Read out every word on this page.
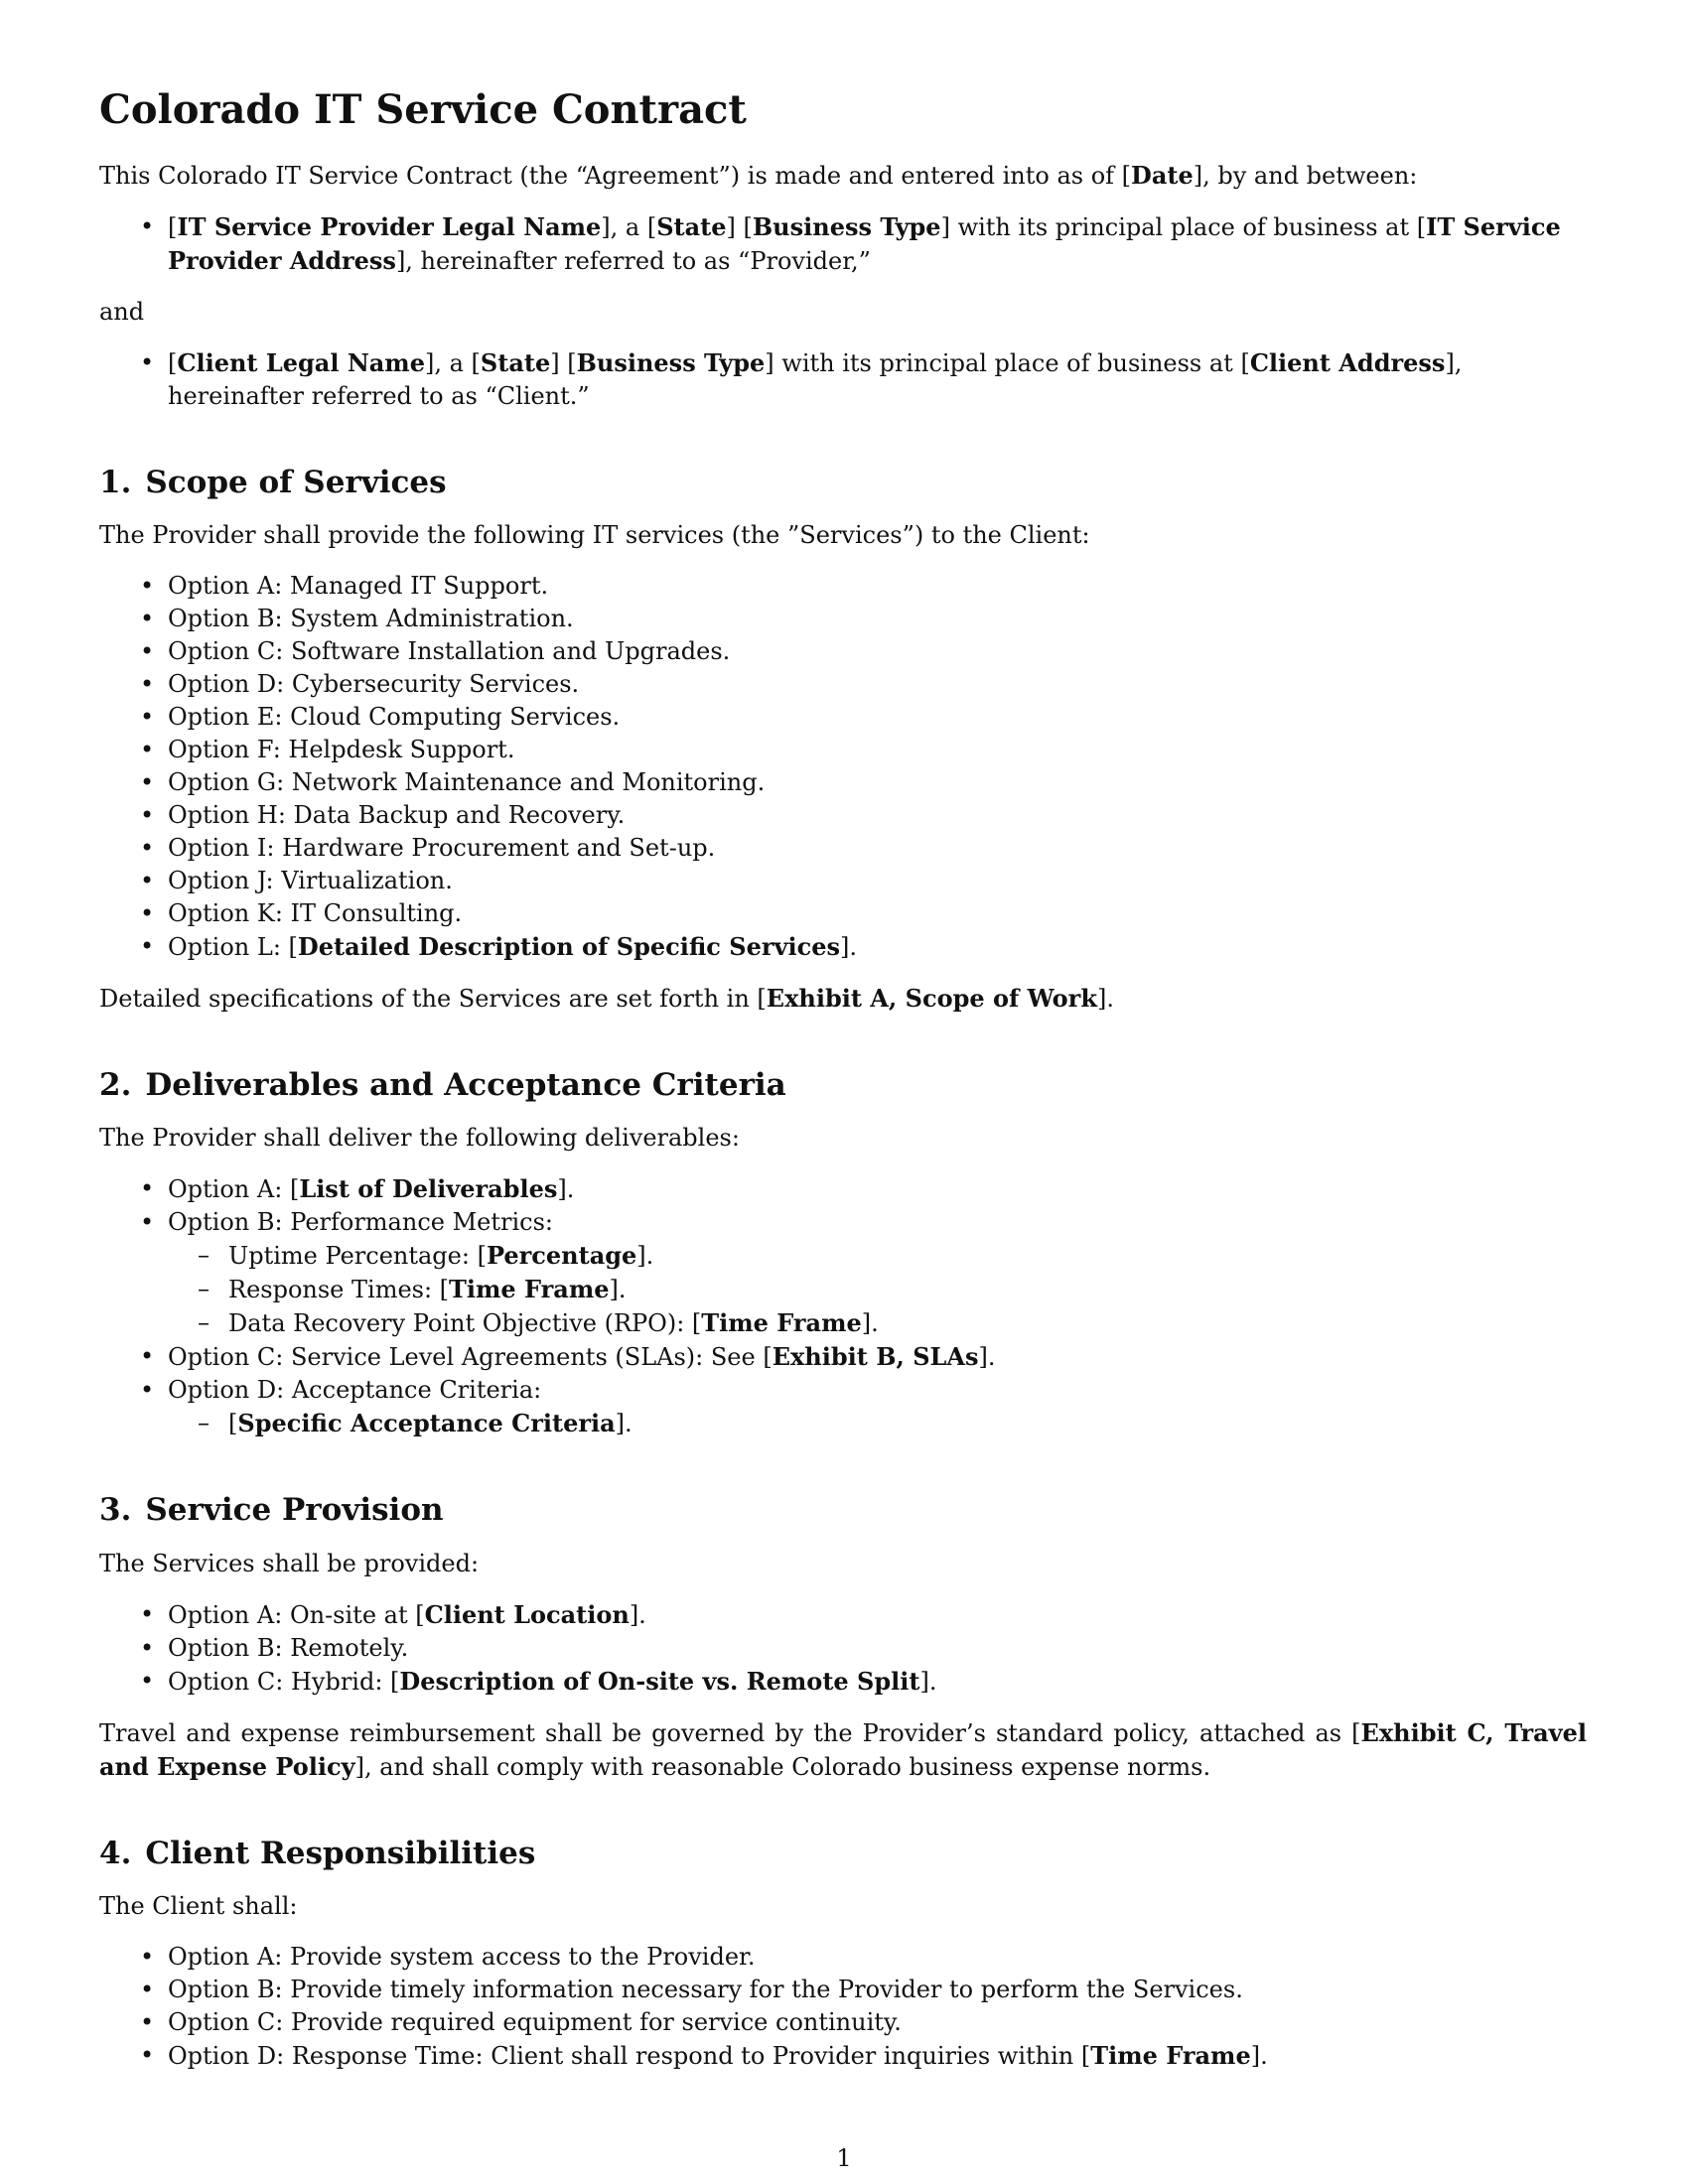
Colorado IT Service Contract

This Colorado IT Service Contract (the “Agreement”) is made and entered into as of [Date], by and between:

• [IT Service Provider Legal Name], a [State] [Business Type] with its principal place of business at [IT Service Provider Address], hereinafter referred to as “Provider,”

and

• [Client Legal Name], a [State] [Business Type] with its principal place of business at [Client Address], hereinafter referred to as “Client.”
1. Scope of Services

The Provider shall provide the following IT services (the ”Services”) to the Client:

• Option A: Managed IT Support.
• Option B: System Administration.
• Option C: Software Installation and Upgrades.
• Option D: Cybersecurity Services.
• Option E: Cloud Computing Services.
• Option F: Helpdesk Support.
• Option G: Network Maintenance and Monitoring.
• Option H: Data Backup and Recovery.
• Option I: Hardware Procurement and Set-up.
• Option J: Virtualization.
• Option K: IT Consulting.
• Option L: [Detailed Description of Specific Services].

Detailed specifications of the Services are set forth in [Exhibit A, Scope of Work].

2. Deliverables and Acceptance Criteria

The Provider shall deliver the following deliverables:

• Option A: [List of Deliverables].
• Option B: Performance Metrics:
– Uptime Percentage: [Percentage].
– Response Times: [Time Frame].
– Data Recovery Point Objective (RPO): [Time Frame].
• Option C: Service Level Agreements (SLAs): See [Exhibit B, SLAs].
• Option D: Acceptance Criteria:
– [Specific Acceptance Criteria].
3. Service Provision

The Services shall be provided:

• Option A: On-site at [Client Location].
• Option B: Remotely.
• Option C: Hybrid: [Description of On-site vs. Remote Split].

Travel and expense reimbursement shall be governed by the Provider’s standard policy, attached as [Exhibit C, Travel and Expense Policy], and shall comply with reasonable Colorado business expense norms.

4. Client Responsibilities

The Client shall:

• Option A: Provide system access to the Provider.
• Option B: Provide timely information necessary for the Provider to perform the Services.
• Option C: Provide required equipment for service continuity.
• Option D: Response Time: Client shall respond to Provider inquiries within [Time Frame].
1
